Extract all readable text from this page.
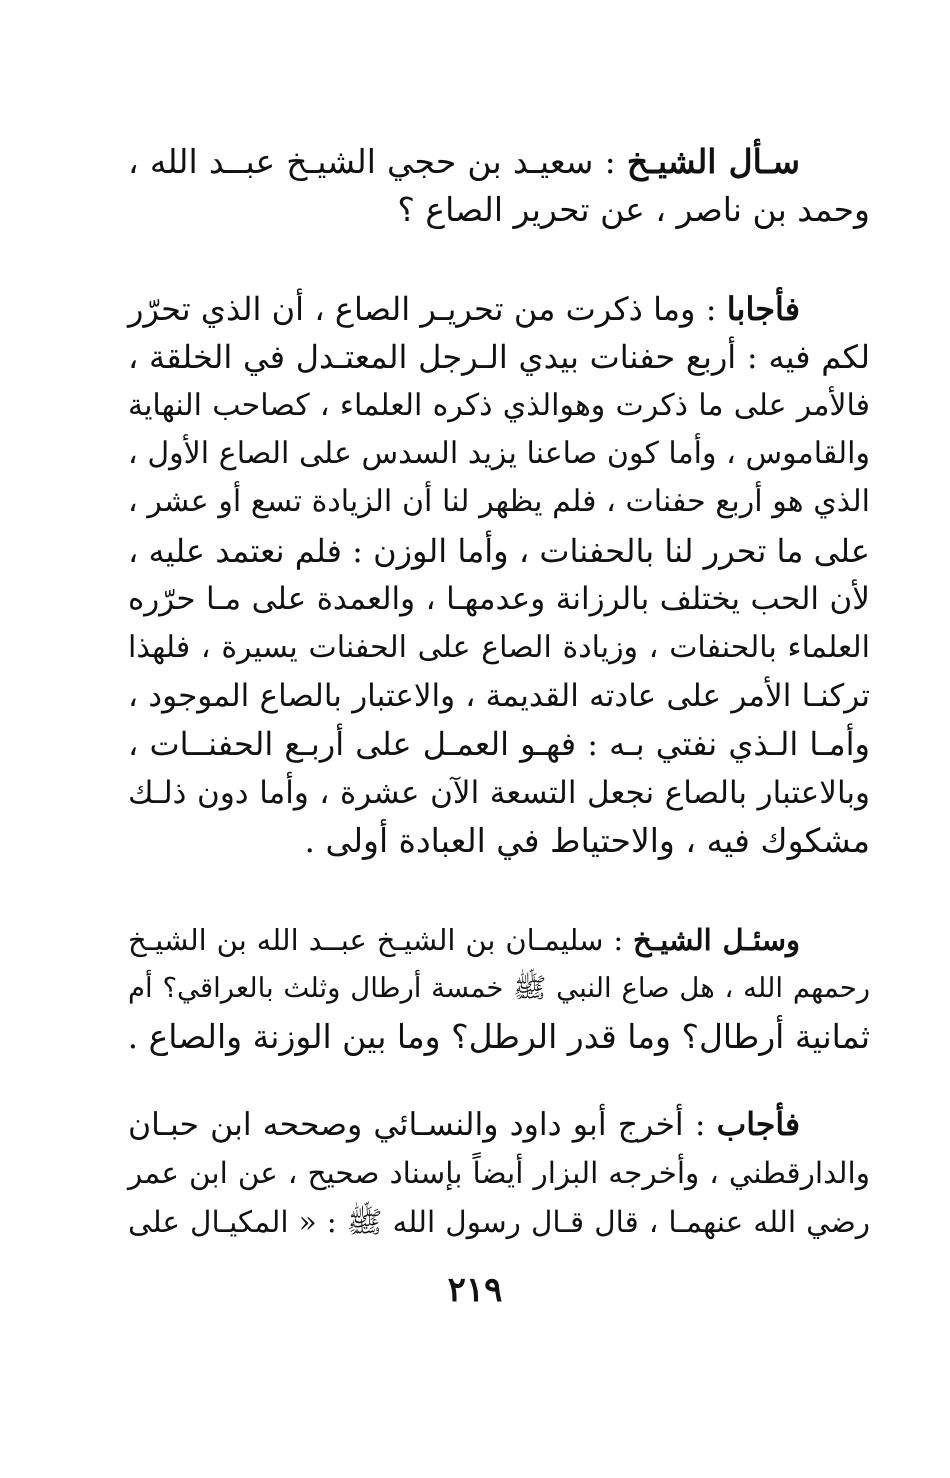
سـأل الشيـخ : سعيـد بن حجي الشيـخ عبــد الله ،
وحمد بن ناصر ، عن تحرير الصاع ؟
فأجابا : وما ذكرت من تحريـر الصاع ، أن الذي تحرّر
لكم فيه : أربع حفنات بيدي الـرجل المعتـدل في الخلقة ،
فالأمر على ما ذكرت وهوالذي ذكره العلماء ، كصاحب النهاية
والقاموس ، وأما كون صاعنا يزيد السدس على الصاع الأول ،
الذي هو أربع حفنات ، فلم يظهر لنا أن الزيادة تسع أو عشر ،
على ما تحرر لنا بالحفنات ، وأما الوزن : فلم نعتمد عليه ،
لأن الحب يختلف بالرزانة وعدمهـا ، والعمدة على مـا حرّره
العلماء بالحنفات ، وزيادة الصاع على الحفنات يسيرة ، فلهذا
تركنـا الأمر على عادته القديمة ، والاعتبار بالصاع الموجود ،
وأمـا الـذي نفتي بـه : فهـو العمـل على أربـع الحفنــات ،
وبالاعتبار بالصاع نجعل التسعة الآن عشرة ، وأما دون ذلـك
مشكوك فيه ، والاحتياط في العبادة أولى .
وسئـل الشيـخ : سليمـان بن الشيـخ عبــد الله بن الشيـخ
رحمهم الله ، هل صاع النبي ﷺ خمسة أرطال وثلث بالعراقي؟ أم
ثمانية أرطال؟ وما قدر الرطل؟ وما بين الوزنة والصاع .
فأجاب : أخرج أبو داود والنسـائي وصححه ابن حبـان
والدارقطني ، وأخرجه البزار أيضاً بإسناد صحيح ، عن ابن عمر
رضي الله عنهمـا ، قال قـال رسول الله ﷺ : « المكيـال على
٢١٩
